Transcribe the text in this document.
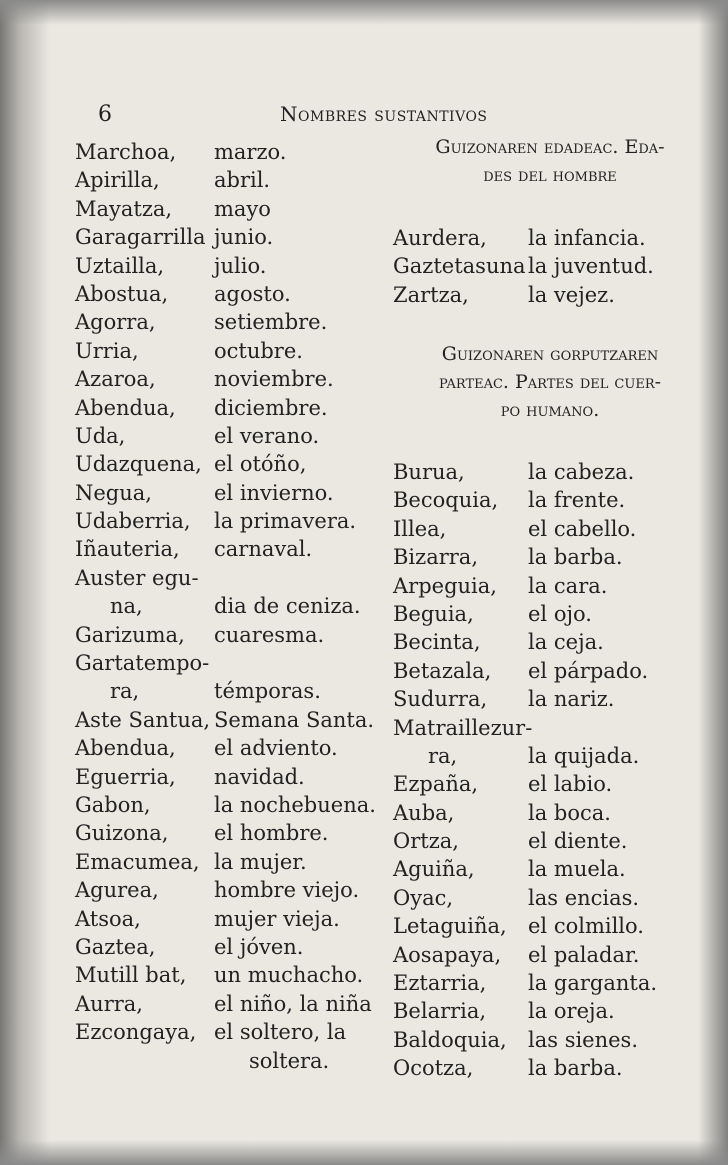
6	Nombres sustantivos
Marchoa,
Apirilla,
Mayatza,
Garagarrilla
Uztailla,
Abostua,
Agorra,
Urria,
Azaroa,
Abendua,
Uda,
Udazquena,
Negua,
Udaberria,
Iñauteria,
Auster egu-
na,
Garizuma,
Gartatempo-
ra,
Aste Santua,
Abendua,
Eguerria,
Gabon,
Guizona,
Emacumea,
Agurea,
Atsoa,
Gaztea,
Mutill bat,
Aurra,
Ezcongaya,
marzo.
abril.
mayo
junio.
julio.
agosto.
setiembre.
octubre.
noviembre.
diciembre.
el verano.
el otóño,
el invierno.
la primavera.
carnaval.
dia de ceniza.
cuaresma.
témporas.
Semana Santa.
el adviento.
navidad.
la nochebuena.
el hombre.
la mujer.
hombre viejo.
mujer vieja.
el jóven.
un muchacho.
el niño, la niña
el soltero, la
soltera.
Guizonaren edadeac. Eda-
des del hombre
Aurdera,
Gaztetasuna
Zartza,
la infancia.
la juventud.
la vejez.
Guizonaren gorputzaren
parteac. Partes del cuer-
po humano.
Burua,
Becoquia,
Illea,
Bizarra,
Arpeguia,
Beguia,
Becinta,
Betazala,
Sudurra,
Matraillezur-
ra,
Ezpaña,
Auba,
Ortza,
Aguiña,
Oyac,
Letaguiña,
Aosapaya,
Eztarria,
Belarria,
Baldoquia,
Ocotza,
la cabeza.
la frente.
el cabello.
la barba.
la cara.
el ojo.
la ceja.
el párpado.
la nariz.
la quijada.
el labio.
la boca.
el diente.
la muela.
las encias.
el colmillo.
el paladar.
la garganta.
la oreja.
las sienes.
la barba.
